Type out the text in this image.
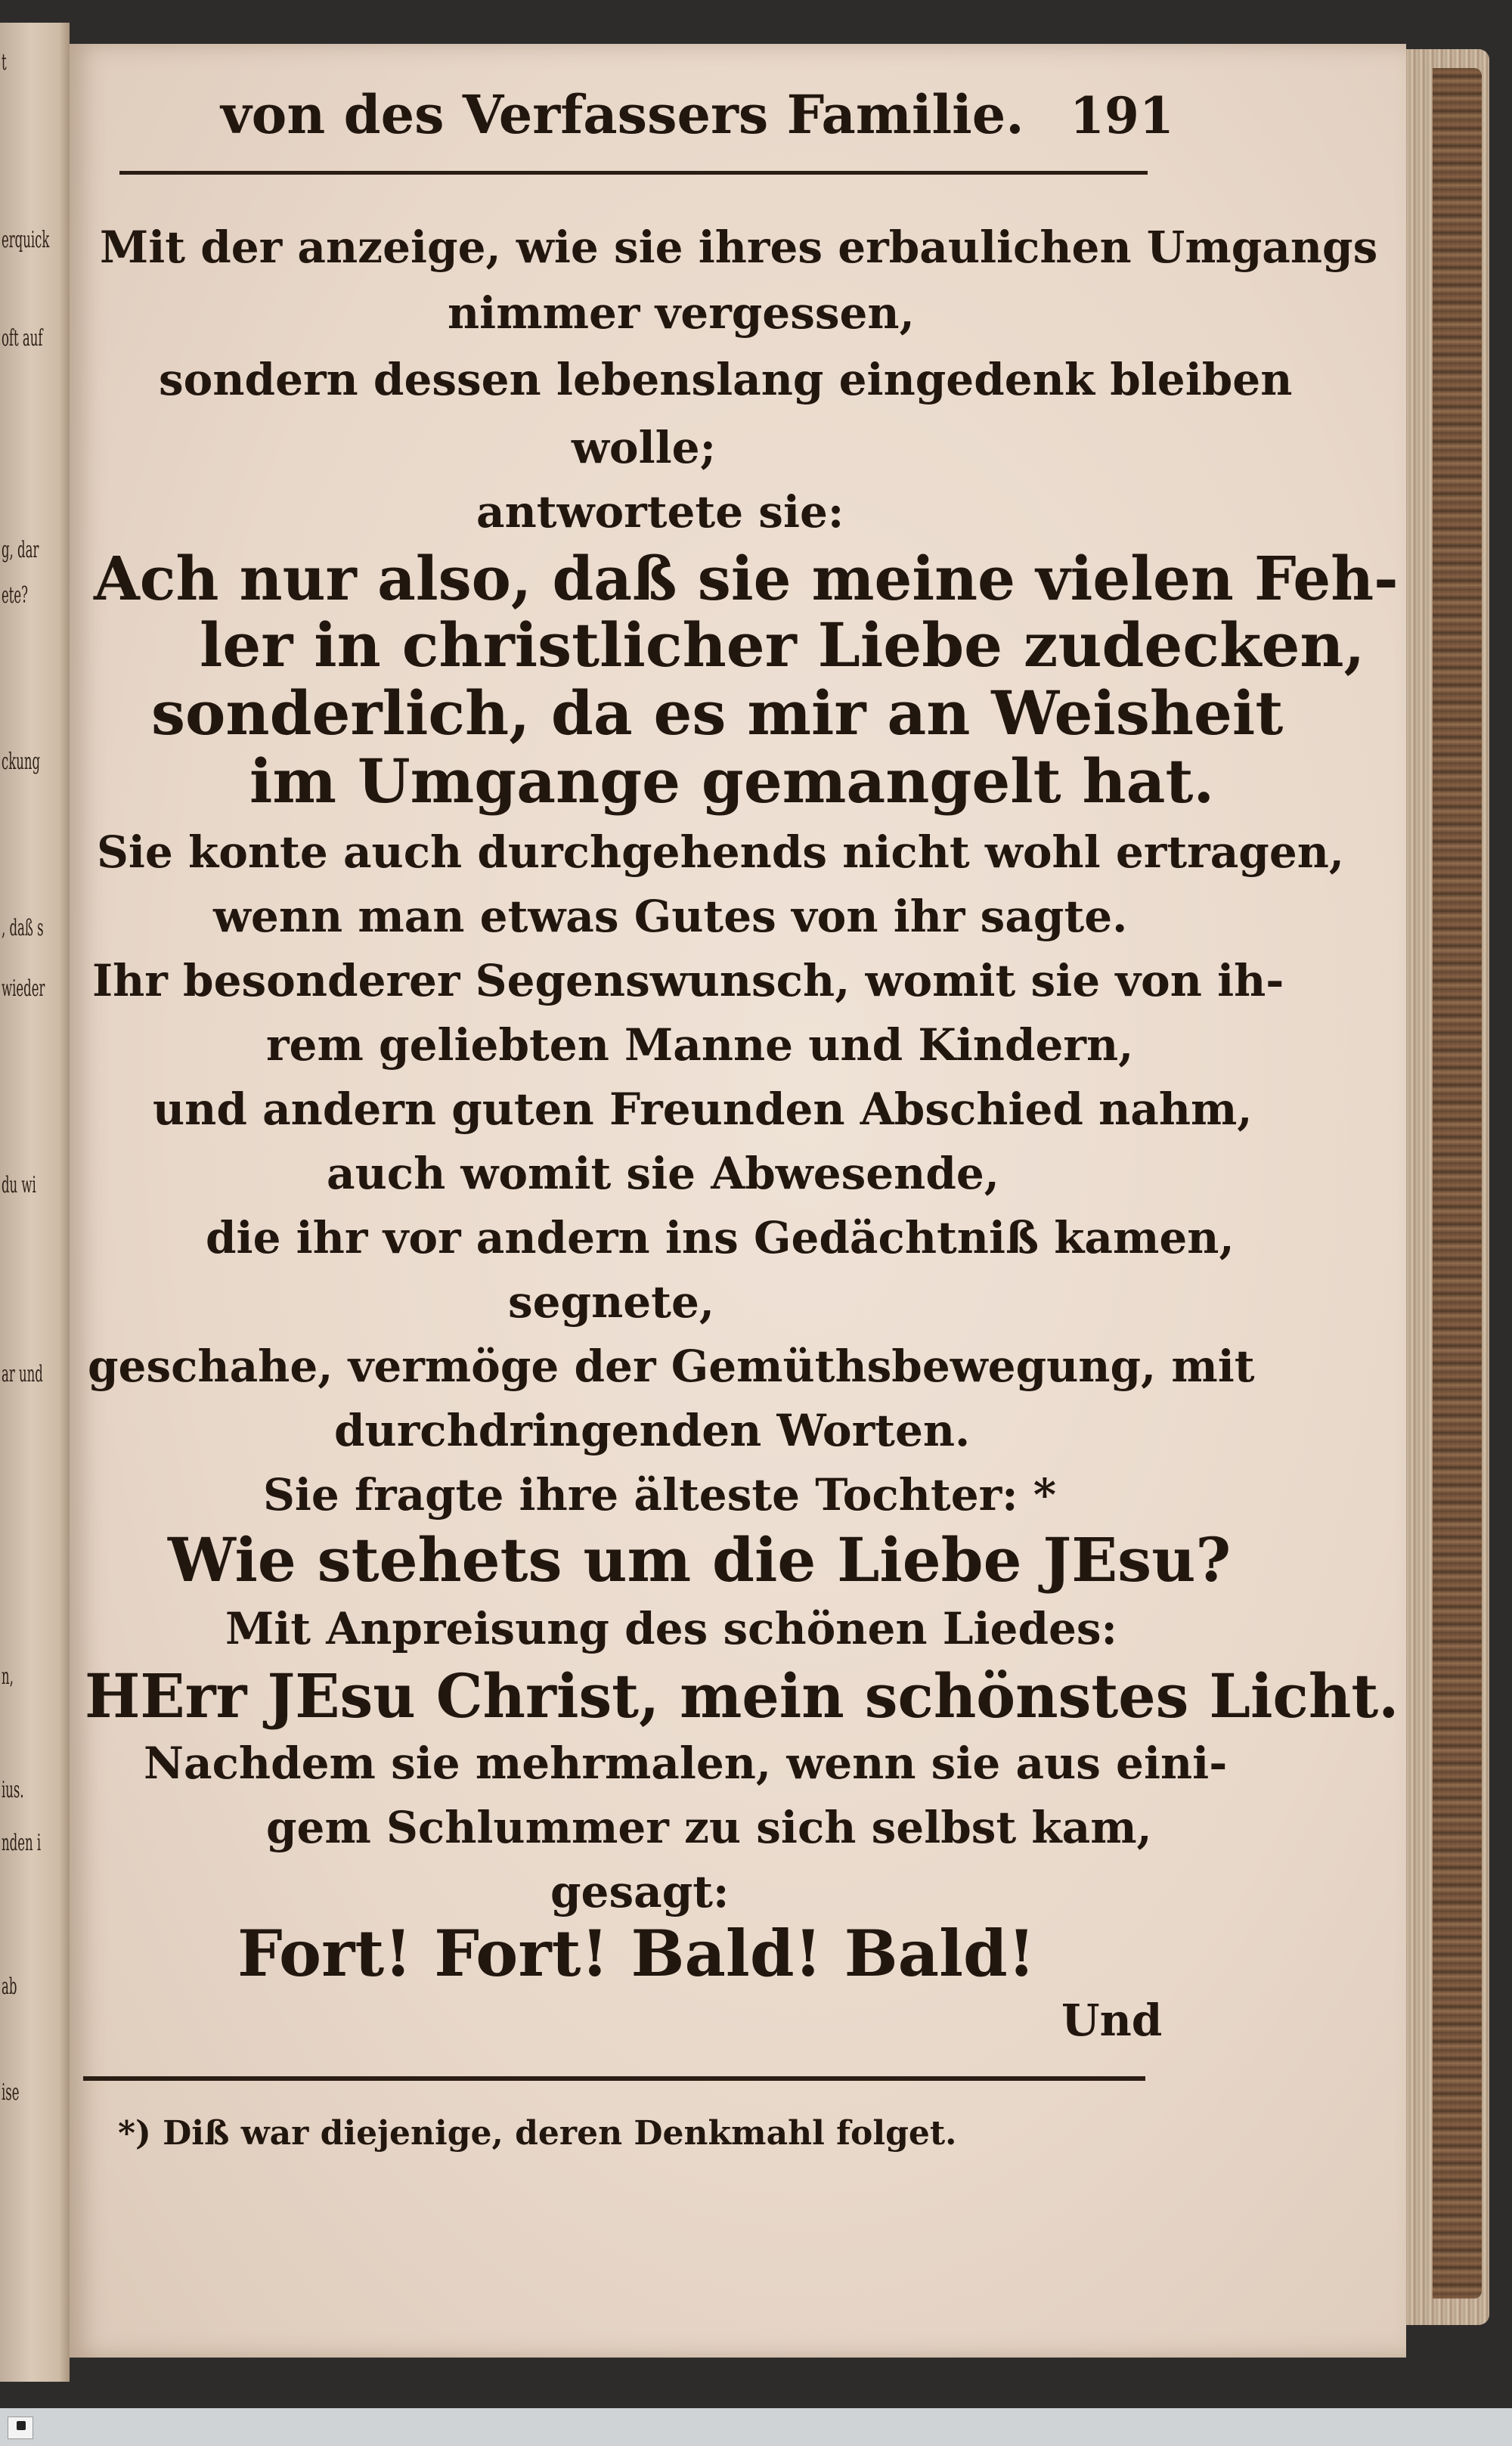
t
erquick
oft auf
g, dar
ete?
ckung
, daß s
wieder
du wi
ar und
n,
ius.
nden i
ab
ise
von des Verfassers Familie. 191
Mit der anzeige, wie sie ihres erbaulichen Umgangs
nimmer vergessen,
sondern dessen lebenslang eingedenk bleiben
wolle;
antwortete sie:
Ach nur also, daß sie meine vielen Feh-
ler in christlicher Liebe zudecken,
sonderlich, da es mir an Weisheit
im Umgange gemangelt hat.
Sie konte auch durchgehends nicht wohl ertragen,
wenn man etwas Gutes von ihr sagte.
Ihr besonderer Segenswunsch, womit sie von ih-
rem geliebten Manne und Kindern,
und andern guten Freunden Abschied nahm,
auch womit sie Abwesende,
die ihr vor andern ins Gedächtniß kamen,
segnete,
geschahe, vermöge der Gemüthsbewegung, mit
durchdringenden Worten.
Sie fragte ihre älteste Tochter: *
Wie stehets um die Liebe JEsu?
Mit Anpreisung des schönen Liedes:
HErr JEsu Christ, mein schönstes Licht.
Nachdem sie mehrmalen, wenn sie aus eini-
gem Schlummer zu sich selbst kam,
gesagt:
Fort! Fort! Bald! Bald!
Und
*) Diß war diejenige, deren Denkmahl folget.
